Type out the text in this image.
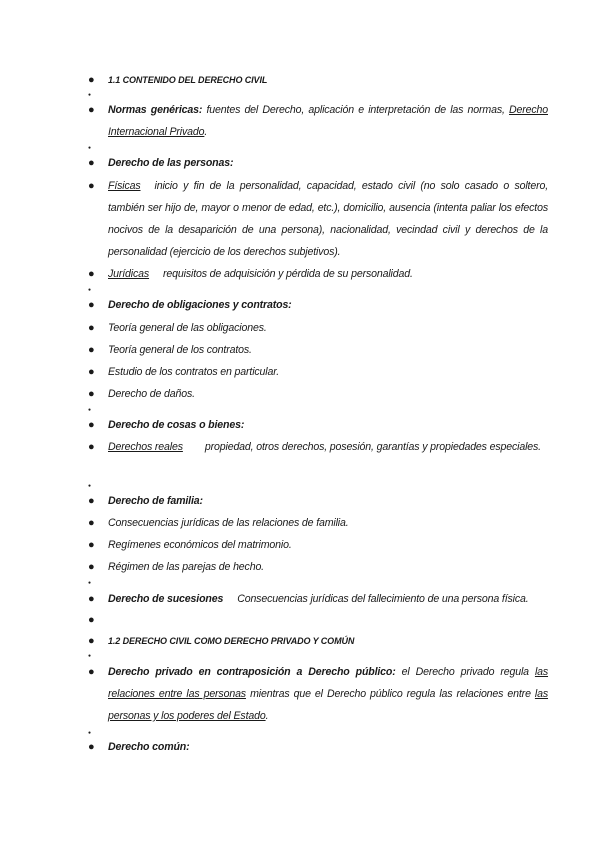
●	1.1 CONTENIDO DEL DERECHO CIVIL
●
●	Normas genéricas: fuentes del Derecho, aplicación e interpretación de las normas, Derecho Internacional Privado.
●
●	Derecho de las personas:
●	Físicas inicio y fin de la personalidad, capacidad, estado civil (no solo casado o soltero, también ser hijo de, mayor o menor de edad, etc.), domicilio, ausencia (intenta paliar los efectos nocivos de la desaparición de una persona), nacionalidad, vecindad civil y derechos de la personalidad (ejercicio de los derechos subjetivos).
●	Jurídicas requisitos de adquisición y pérdida de su personalidad.
●
●	Derecho de obligaciones y contratos:
●	Teoría general de las obligaciones.
●	Teoría general de los contratos.
●	Estudio de los contratos en particular.
●	Derecho de daños.
●
●	Derecho de cosas o bienes:
●	Derechos reales propiedad, otros derechos, posesión, garantías y propiedades especiales.
●
●	Derecho de familia:
●	Consecuencias jurídicas de las relaciones de familia.
●	Regímenes económicos del matrimonio.
●	Régimen de las parejas de hecho.
●
●	Derecho de sucesiones Consecuencias jurídicas del fallecimiento de una persona física.
●
●	1.2 DERECHO CIVIL COMO DERECHO PRIVADO Y COMÚN
●
●	Derecho privado en contraposición a Derecho público: el Derecho privado regula las relaciones entre las personas mientras que el Derecho público regula las relaciones entre las personas y los poderes del Estado.
●
●	Derecho común:
